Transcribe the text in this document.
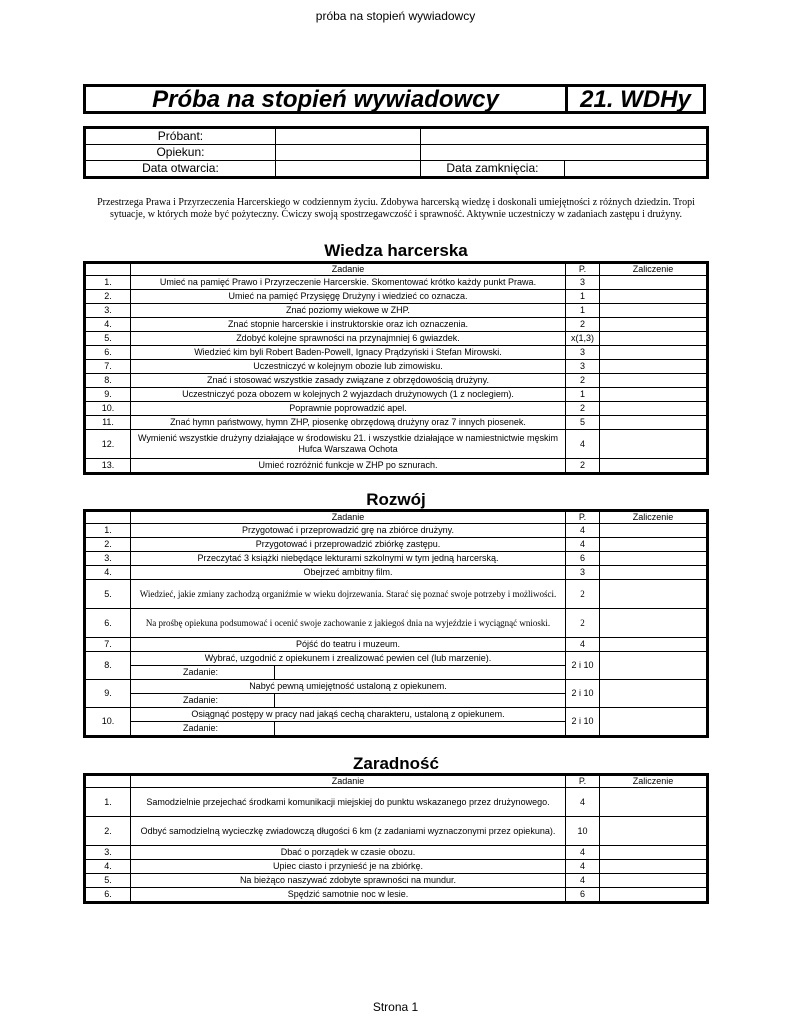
próba na stopień wywiadowcy
Próba na stopień wywiadowcy	21. WDHy
Próbant:			
Opiekun:			
Data otwarcia:		Data zamknięcia:	
Przestrzega Prawa i Przyrzeczenia Harcerskiego w codziennym życiu. Zdobywa harcerską wiedzę i doskonali umiejętności z różnych dziedzin. Tropi sytuacje, w których może być pożyteczny. Ćwiczy swoją spostrzegawczość i sprawność. Aktywnie uczestniczy w zadaniach zastępu i drużyny.
Wiedza harcerska
	Zadanie	P.	Zaliczenie
1.	Umieć na pamięć Prawo i Przyrzeczenie Harcerskie. Skomentować krótko każdy punkt Prawa.	3	
2.	Umieć na pamięć Przysięgę Drużyny i wiedzieć co oznacza.	1	
3.	Znać poziomy wiekowe w ZHP.	1	
4.	Znać stopnie harcerskie i instruktorskie oraz ich oznaczenia.	2	
5.	Zdobyć kolejne sprawności na przynajmniej 6 gwiazdek.	x(1,3)	
6.	Wiedzieć kim byli Robert Baden-Powell, Ignacy Prądzyński i Stefan Mirowski.	3	
7.	Uczestniczyć w kolejnym obozie lub zimowisku.	3	
8.	Znać i stosować wszystkie zasady związane z obrzędowością drużyny.	2	
9.	Uczestniczyć poza obozem w kolejnych 2 wyjazdach drużynowych (1 z noclegiem).	1	
10.	Poprawnie poprowadzić apel.	2	
11.	Znać hymn państwowy, hymn ZHP, piosenkę obrzędową drużyny oraz 7 innych piosenek.	5	
12.	Wymienić wszystkie drużyny działające w środowisku 21. i wszystkie działające w namiestnictwie męskim Hufca Warszawa Ochota	4	
13.	Umieć rozróżnić funkcje w ZHP po sznurach.	2	
Rozwój
	Zadanie		P.	Zaliczenie
1.	Przygotować i przeprowadzić grę na zbiórce drużyny.		4	
2.	Przygotować i przeprowadzić zbiórkę zastępu.		4	
3.	Przeczytać 3 książki niebędące lekturami szkolnymi w tym jedną harcerską.		6	
4.	Obejrzeć ambitny film.		3	
5.	Wiedzieć, jakie zmiany zachodzą organiźmie w wieku dojrzewania. Starać się poznać swoje potrzeby i możliwości.		2	
6.	Na prośbę opiekuna podsumować i ocenić swoje zachowanie z jakiegoś dnia na wyjeździe i wyciągnąć wnioski.		2	
7.	Pójść do teatru i muzeum.		4	
8.	Wybrać, uzgodnić z opiekunem i zrealizować pewien cel (lub marzenie).		2 i 10	
	Zadanie:			
9.	Nabyć pewną umiejętność ustaloną z opiekunem.		2 i 10	
	Zadanie:			
10.	Osiągnąć postępy w pracy nad jakąś cechą charakteru, ustaloną z opiekunem.		2 i 10	
	Zadanie:			
Zaradność
	Zadanie	P.	Zaliczenie
1.	Samodzielnie przejechać środkami komunikacji miejskiej do punktu wskazanego przez drużynowego.	4	
2.	Odbyć samodzielną wycieczkę zwiadowczą długości 6 km (z zadaniami wyznaczonymi przez opiekuna).	10	
3.	Dbać o porządek w czasie obozu.	4	
4.	Upiec ciasto i przynieść je na zbiórkę.	4	
5.	Na bieżąco naszywać zdobyte sprawności na mundur.	4	
6.	Spędzić samotnie noc w lesie.	6	
Strona 1
